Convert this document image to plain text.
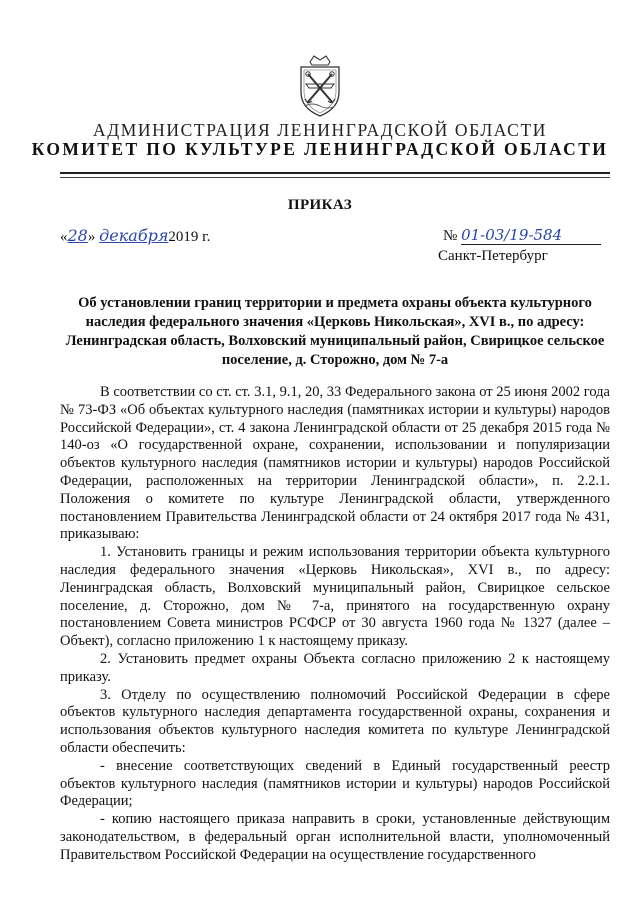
АДМИНИСТРАЦИЯ ЛЕНИНГРАДСКОЙ ОБЛАСТИ
КОМИТЕТ ПО КУЛЬТУРЕ ЛЕНИНГРАДСКОЙ ОБЛАСТИ
ПРИКАЗ
«28» декабря2019 г.	№ 01-03/19-584
Санкт-Петербург
Об установлении границ территории и предмета охраны объекта культурного наследия федерального значения «Церковь Никольская», XVI в., по адресу: Ленинградская область, Волховский муниципальный район, Свирицкое сельское поселение, д. Сторожно, дом № 7-а

В соответствии со ст. ст. 3.1, 9.1, 20, 33 Федерального закона от 25 июня 2002 года № 73-ФЗ «Об объектах культурного наследия (памятниках истории и культуры) народов Российской Федерации», ст. 4 закона Ленинградской области от 25 декабря 2015 года № 140-оз «О государственной охране, сохранении, использовании и популяризации объектов культурного наследия (памятников истории и культуры) народов Российской Федерации, расположенных на территории Ленинградской области», п. 2.2.1. Положения о комитете по культуре Ленинградской области, утвержденного постановлением Правительства Ленинградской области от 24 октября 2017 года № 431, приказываю:

1. Установить границы и режим использования территории объекта культурного наследия федерального значения «Церковь Никольская», XVI в., по адресу: Ленинградская область, Волховский муниципальный район, Свирицкое сельское поселение, д. Сторожно, дом № 7-а, принятого на государственную охрану постановлением Совета министров РСФСР от 30 августа 1960 года № 1327 (далее – Объект), согласно приложению 1 к настоящему приказу.

2. Установить предмет охраны Объекта согласно приложению 2 к настоящему приказу.

3. Отделу по осуществлению полномочий Российской Федерации в сфере объектов культурного наследия департамента государственной охраны, сохранения и использования объектов культурного наследия комитета по культуре Ленинградской области обеспечить:

- внесение соответствующих сведений в Единый государственный реестр объектов культурного наследия (памятников истории и культуры) народов Российской Федерации;

- копию настоящего приказа направить в сроки, установленные действующим законодательством, в федеральный орган исполнительной власти, уполномоченный Правительством Российской Федерации на осуществление государственного
